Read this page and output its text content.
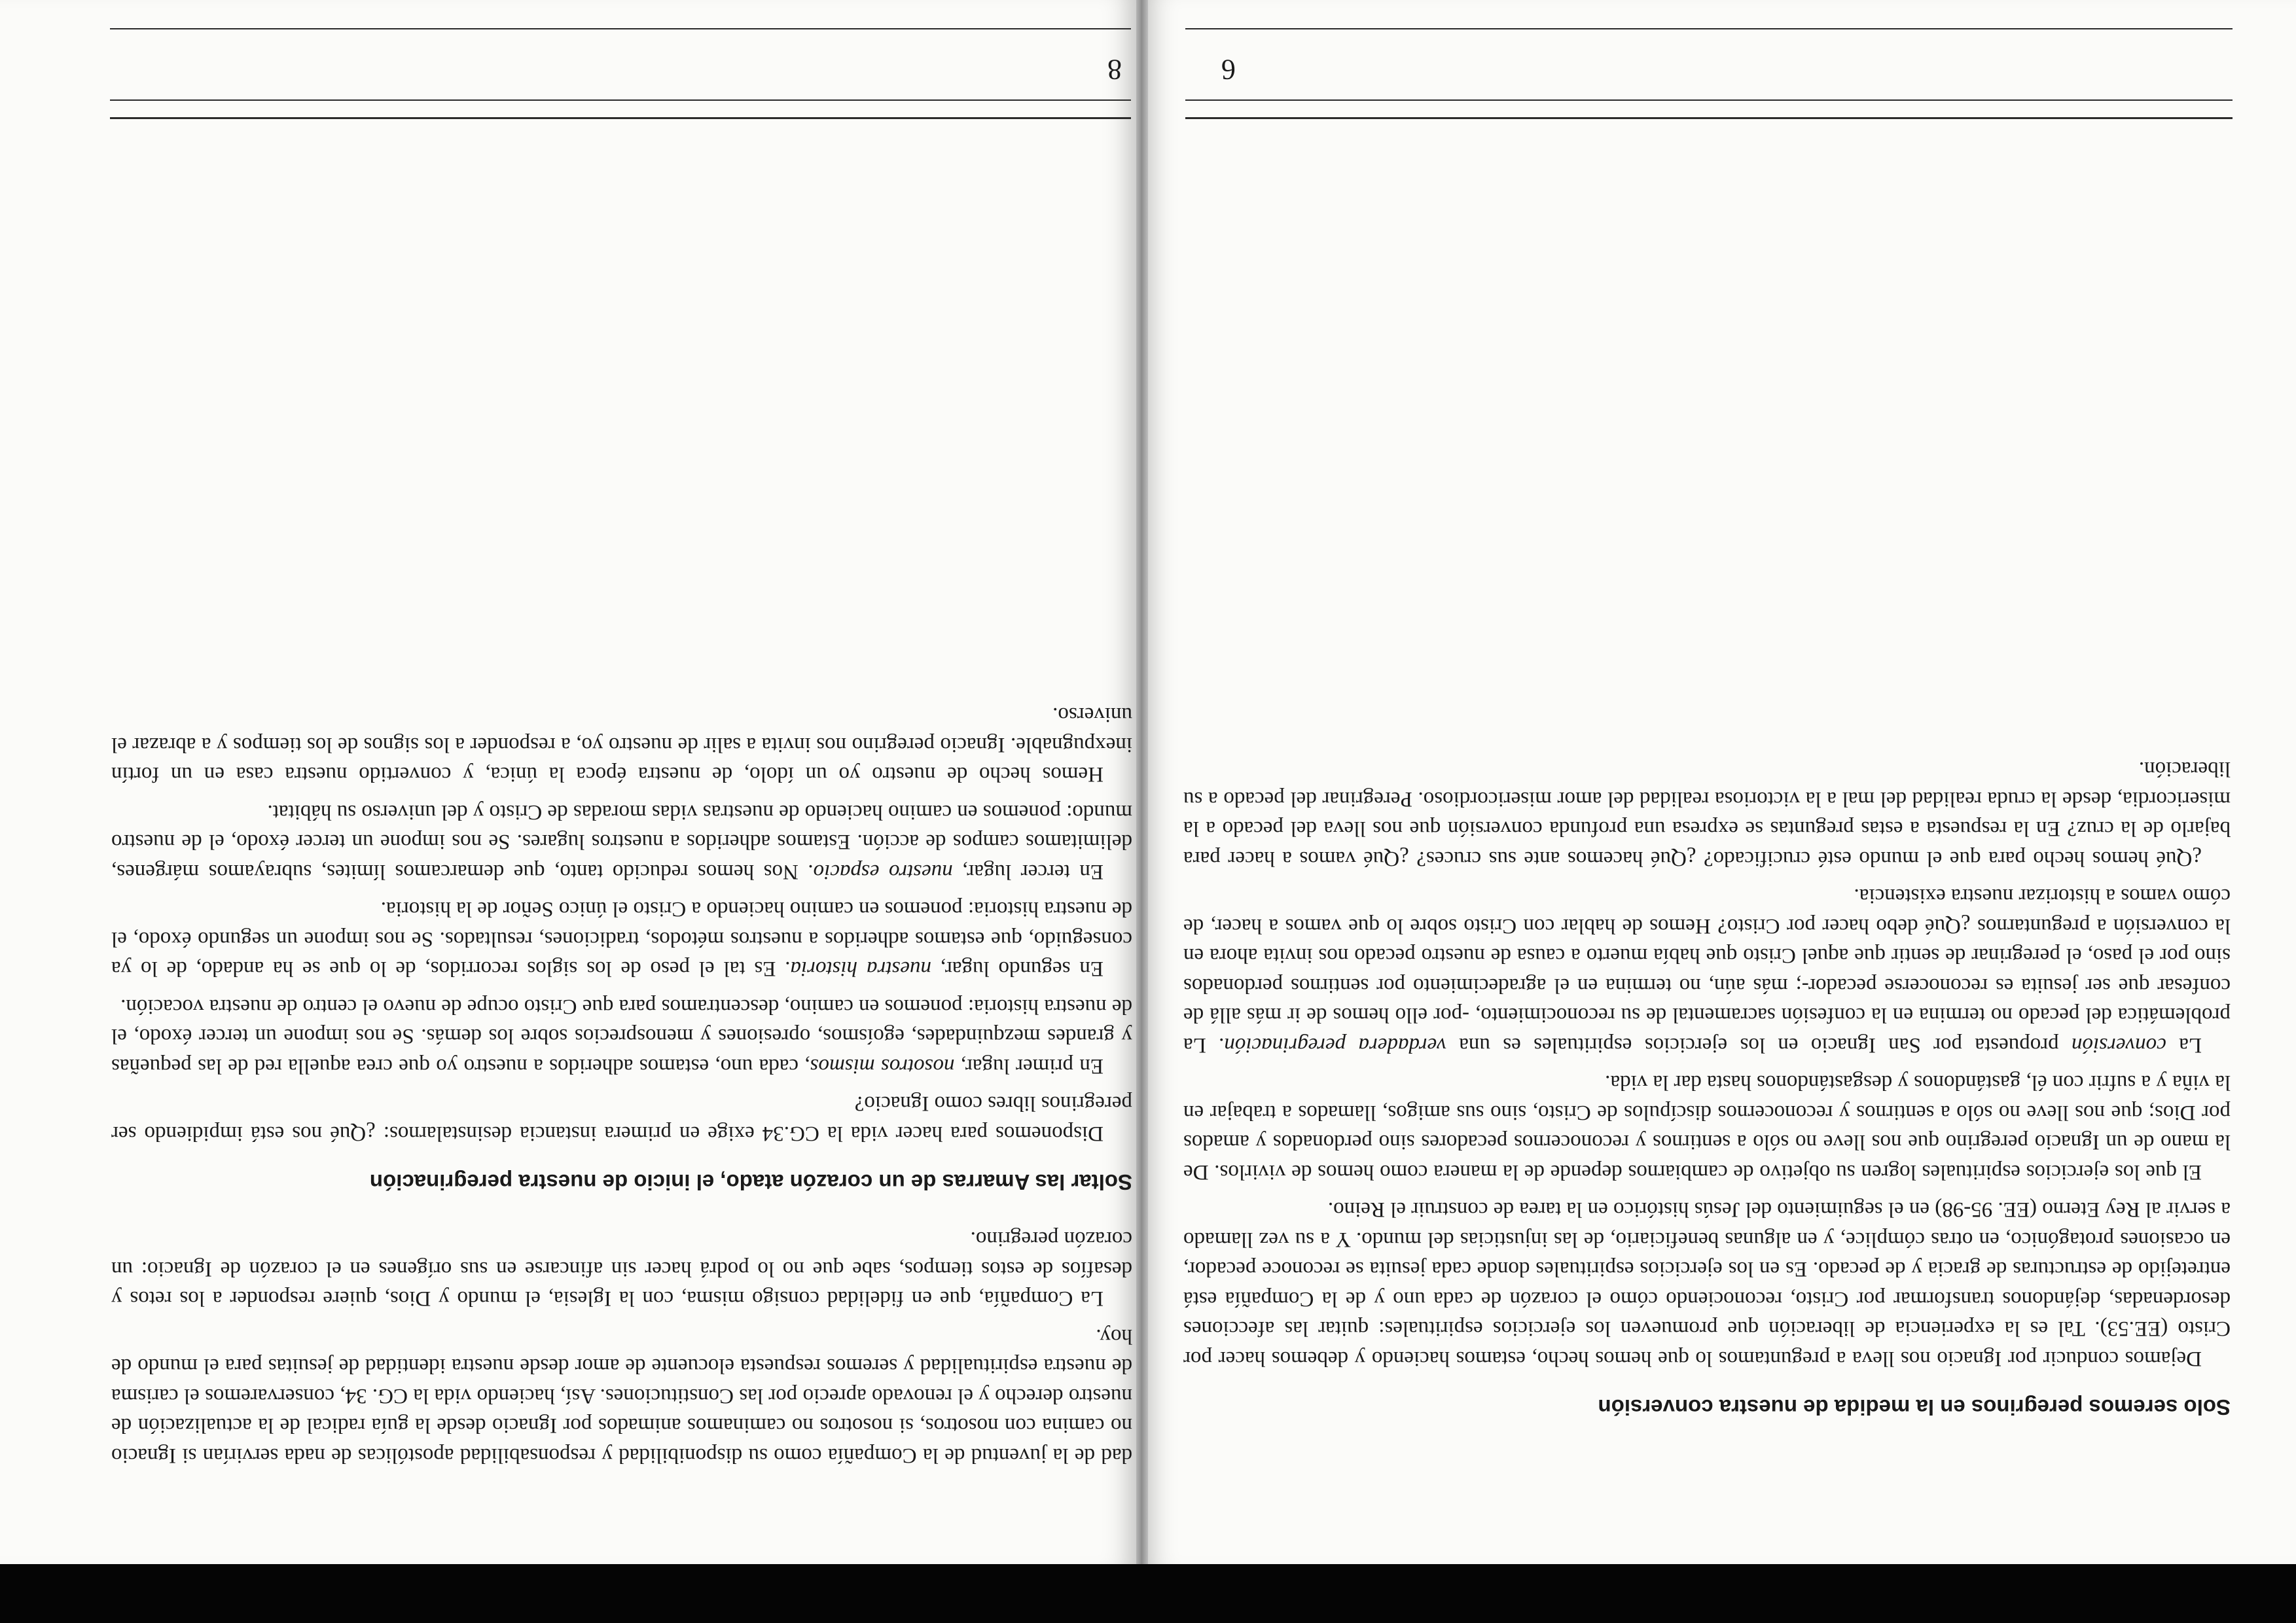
Solo seremos peregrinos en la medida de nuestra conversión

Dejamos conducir por Ignacio nos lleva a preguntamos lo que hemos hecho, estamos haciendo y debemos hacer por Cristo (EE.53). Tal es la experiencia de liberación que promueven los ejercicios espirituales: quitar las afecciones desordenadas, dejándonos transformar por Cristo, reconociendo cómo el corazón de cada uno y de la Compañía está entretejido de estructuras de gracia y de pecado. Es en los ejercicios espirituales donde cada jesuita se reconoce pecador, en ocasiones protagónico, en otras cómplice, y en algunas beneficiario, de las injusticias del mundo. Y a su vez llamado a servir al Rey Eterno (EE. 95-98) en el seguimiento del Jesús histórico en la tarea de construir el Reino.

El que los ejercicios espirituales logren su objetivo de cambiarnos depende de la manera como hemos de vivirlos. De la mano de un Ignacio peregrino que nos lleve no sólo a sentirnos y reconocernos pecadores sino perdonados y amados por Dios; que nos lleve no sólo a sentirnos y reconocernos discípulos de Cristo, sino sus amigos, llamados a trabajar en la viña y a sufrir con él, gastándonos y desgastándonos hasta dar la vida.

La conversión propuesta por San Ignacio en los ejercicios espirituales es una verdadera peregrinación. La problemática del pecado no termina en la confesión sacramental de su reconocimiento, -por ello hemos de ir más allá de confesar que ser jesuita es reconocerse pecador-; más aún, no termina en el agradecimiento por sentirnos perdonados sino por el paso, el peregrinar de sentir que aquel Cristo que había muerto a causa de nuestro pecado nos invita ahora en la conversión a preguntarnos ¿Qué debo hacer por Cristo? Hemos de hablar con Cristo sobre lo que vamos a hacer, de cómo vamos a historizar nuestra existencia.

¿Qué hemos hecho para que el mundo esté crucificado? ¿Qué hacemos ante sus cruces? ¿Qué vamos a hacer para bajarlo de la cruz? En la respuesta a estas preguntas se expresa una profunda conversión que nos lleva del pecado a la misericordia, desde la cruda realidad del mal a la victoriosa realidad del amor misericordioso. Peregrinar del pecado a su liberación.

6

dad de la juventud de la Compañía como su disponibilidad y responsabilidad apostólicas de nada servirían si Ignacio no camina con nosotros, si nosotros no caminamos animados por Ignacio desde la guía radical de la actualización de nuestro derecho y el renovado aprecio por las Constituciones. Así, haciendo vida la CG. 34, conservaremos el carisma de nuestra espiritualidad y seremos respuesta elocuente de amor desde nuestra identidad de jesuitas para el mundo de hoy.

La Compañía, que en fidelidad consigo misma, con la Iglesia, el mundo y Dios, quiere responder a los retos y desafíos de estos tiempos, sabe que no lo podrá hacer sin afincarse en sus orígenes en el corazón de Ignacio: un corazón peregrino.

Soltar las Amarras de un corazón atado, el inicio de nuestra peregrinación

Disponemos para hacer vida la CG.34 exige en primera instancia desinstalarnos: ¿Qué nos está impidiendo ser peregrinos libres como Ignacio?

En primer lugar, nosotros mismos, cada uno, estamos adheridos a nuestro yo que crea aquella red de las pequeñas y grandes mezquindades, egoísmos, opresiones y menosprecios sobre los demás. Se nos impone un tercer éxodo, el de nuestra historia: ponemos en camino, descentramos para que Cristo ocupe de nuevo el centro de nuestra vocación.

En segundo lugar, nuestra historia. Es tal el peso de los siglos recorridos, de lo que se ha andado, de lo ya conseguido, que estamos adheridos a nuestros métodos, tradiciones, resultados. Se nos impone un segundo éxodo, el de nuestra historia: ponemos en camino haciendo a Cristo el único Señor de la historia.

En tercer lugar, nuestro espacio. Nos hemos reducido tanto, que demarcamos límites, subrayamos márgenes, delimitamos campos de acción. Estamos adheridos a nuestros lugares. Se nos impone un tercer éxodo, el de nuestro mundo: ponemos en camino haciendo de nuestras vidas moradas de Cristo y del universo su hábitat.

Hemos hecho de nuestro yo un ídolo, de nuestra época la única, y convertido nuestra casa en un fortín inexpugnable. Ignacio peregrino nos invita a salir de nuestro yo, a responder a los signos de los tiempos y a abrazar el universo.

8
